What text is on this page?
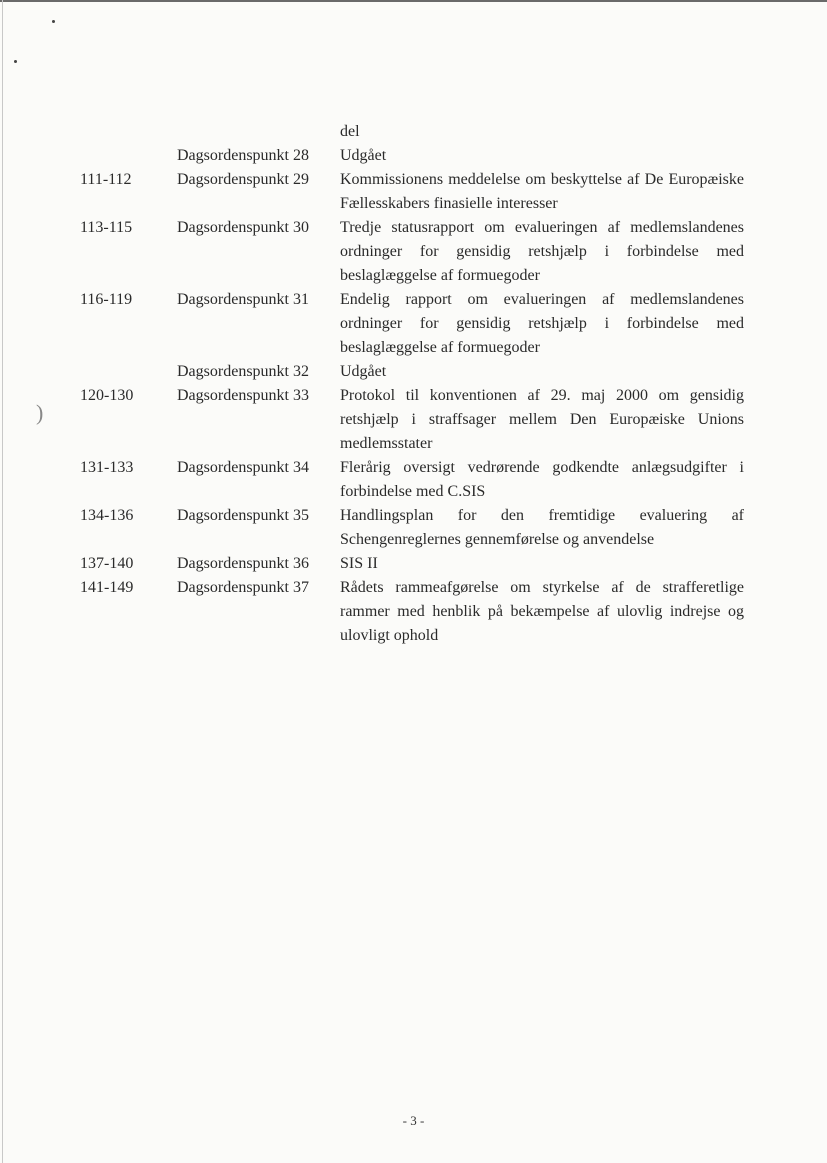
)
del
Dagsordenspunkt 28	Udgået
111-112	Dagsordenspunkt 29	Kommissionens meddelelse om beskyttelse af De Europæiske Fællesskabers finasielle interesser
113-115	Dagsordenspunkt 30	Tredje statusrapport om evalueringen af medlemslandenes ordninger for gensidig retshjælp i forbindelse med beslaglæggelse af formuegoder
116-119	Dagsordenspunkt 31	Endelig rapport om evalueringen af medlemslandenes ordninger for gensidig retshjælp i forbindelse med beslaglæggelse af formuegoder
Dagsordenspunkt 32	Udgået
120-130	Dagsordenspunkt 33	Protokol til konventionen af 29. maj 2000 om gensidig retshjælp i straffsager mellem Den Europæiske Unions medlemsstater
131-133	Dagsordenspunkt 34	Flerårig oversigt vedrørende godkendte anlægsudgifter i forbindelse med C.SIS
134-136	Dagsordenspunkt 35	Handlingsplan for den fremtidige evaluering af Schengenreglernes gennemførelse og anvendelse
137-140	Dagsordenspunkt 36	SIS II
141-149	Dagsordenspunkt 37	Rådets rammeafgørelse om styrkelse af de strafferetlige rammer med henblik på bekæmpelse af ulovlig indrejse og ulovligt ophold
- 3 -
